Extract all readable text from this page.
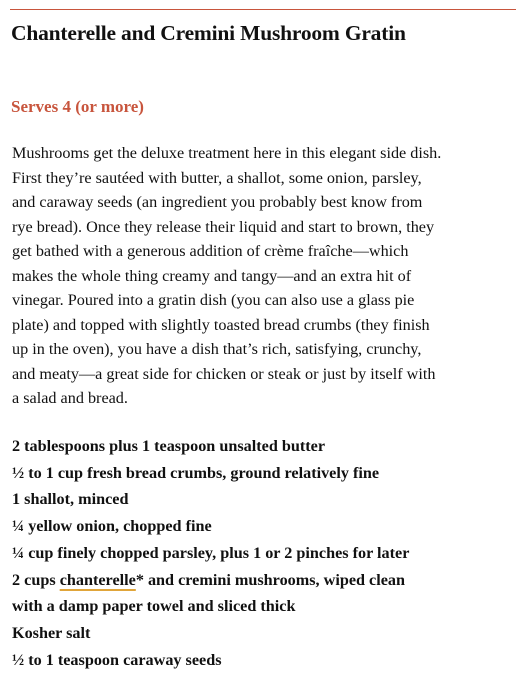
Chanterelle and Cremini Mushroom Gratin

Serves 4 (or more)

Mushrooms get the deluxe treatment here in this elegant side dish.
First they’re sautéed with butter, a shallot, some onion, parsley,
and caraway seeds (an ingredient you probably best know from
rye bread). Once they release their liquid and start to brown, they
get bathed with a generous addition of crème fraîche—which
makes the whole thing creamy and tangy—and an extra hit of
vinegar. Poured into a gratin dish (you can also use a glass pie
plate) and topped with slightly toasted bread crumbs (they finish
up in the oven), you have a dish that’s rich, satisfying, crunchy,
and meaty—a great side for chicken or steak or just by itself with
a salad and bread.

2 tablespoons plus 1 teaspoon unsalted butter
½ to 1 cup fresh bread crumbs, ground relatively fine
1 shallot, minced
¼ yellow onion, chopped fine
¼ cup finely chopped parsley, plus 1 or 2 pinches for later
2 cups chanterelle* and cremini mushrooms, wiped clean
with a damp paper towel and sliced thick
Kosher salt
½ to 1 teaspoon caraway seeds
